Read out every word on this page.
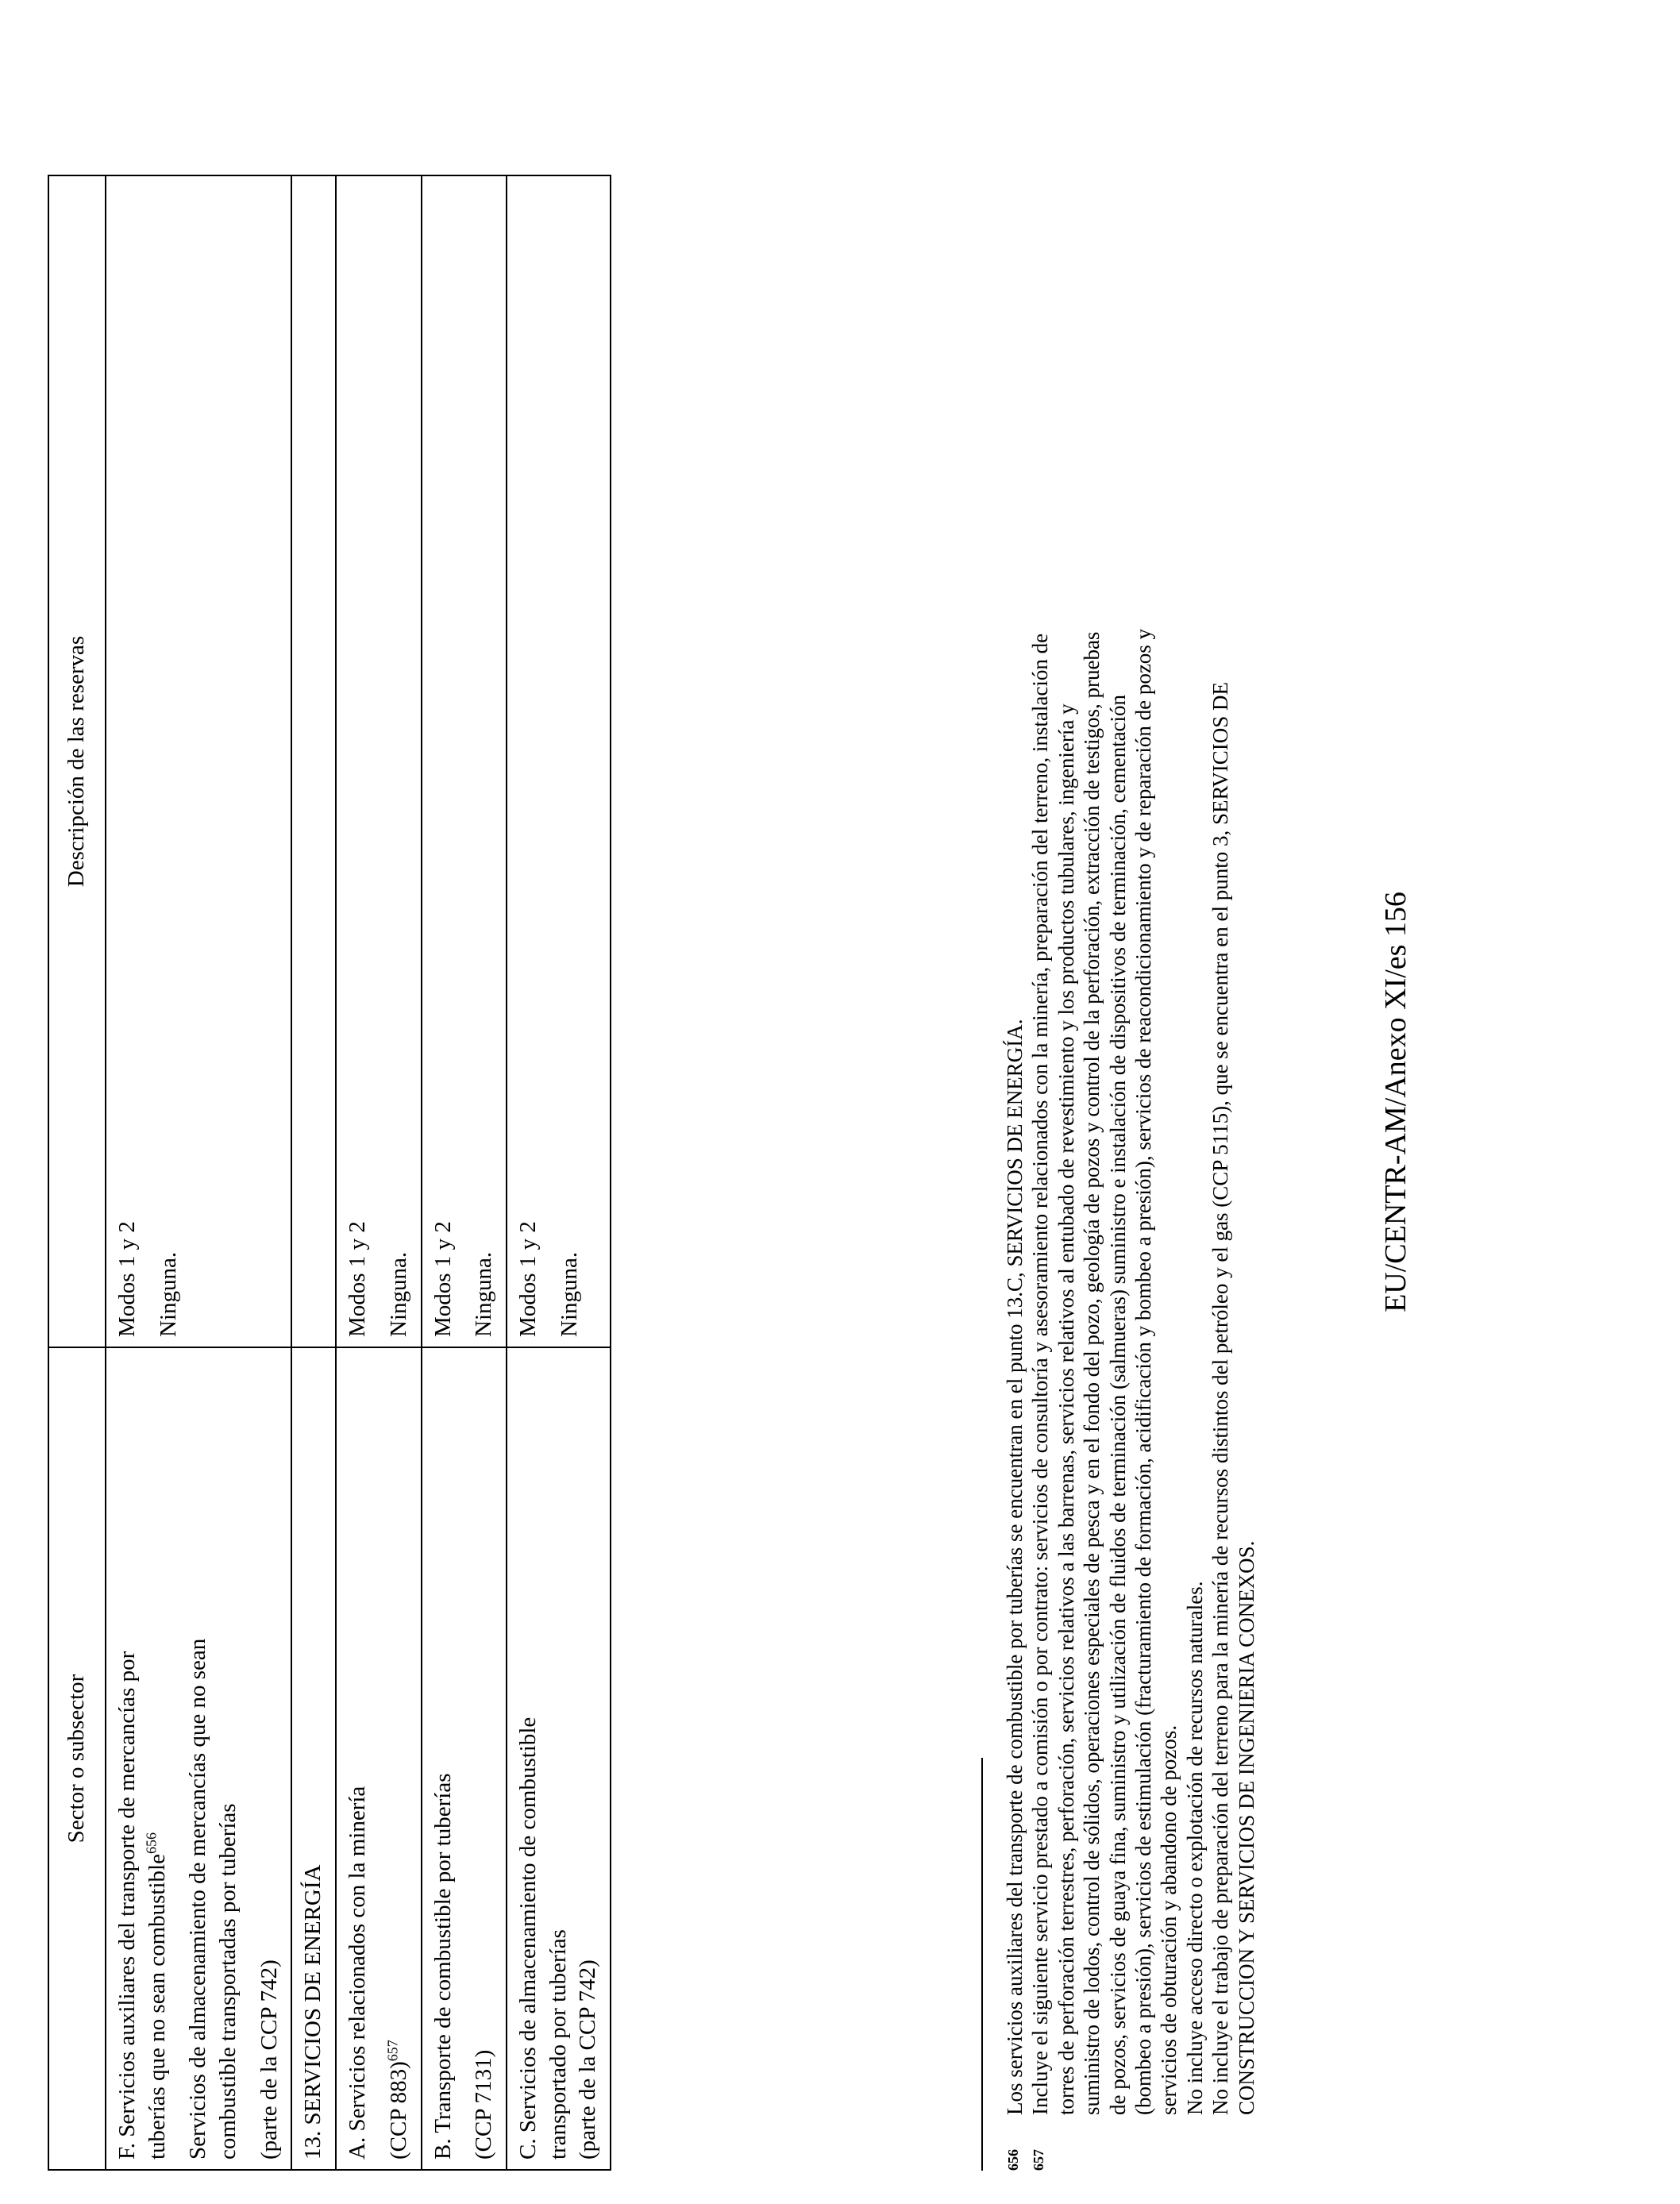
Sector o subsector	Descripción de las reservas

F. Servicios auxiliares del transporte de mercancías por tuberías que no sean combustible$^{656}$ Servicios de almacenamiento de mercancías que no sean combustible transportadas por tuberías (parte de la CCP 742)	Modos 1 y 2 Ninguna.

13. SERVICIOS DE ENERGÍA	

A. Servicios relacionados con la minería (CCP 883)$^{657}$	Modos 1 y 2 Ninguna.

B. Transporte de combustible por tuberías (CCP 7131)	Modos 1 y 2 Ninguna.

C. Servicios de almacenamiento de combustible transportado por tuberías (parte de la CCP 742)	Modos 1 y 2 Ninguna.
656
Los servicios auxiliares del transporte de combustible por tuberías se encuentran en el punto 13.C, SERVICIOS DE ENERGÍA.
657
Incluye el siguiente servicio prestado a comisión o por contrato: servicios de consultoría y asesoramiento relacionados con la minería, preparación del terreno, instalación de torres de perforación terrestres, perforación, servicios relativos a las barrenas, servicios relativos al entubado de revestimiento y los productos tubulares, ingeniería y suministro de lodos, control de sólidos, operaciones especiales de pesca y en el fondo del pozo, geología de pozos y control de la perforación, extracción de testigos, pruebas de pozos, servicios de guaya fina, suministro y utilización de fluidos de terminación (salmueras) suministro e instalación de dispositivos de terminación, cementación (bombeo a presión), servicios de estimulación (fracturamiento de formación, acidificación y bombeo a presión), servicios de reacondicionamiento y de reparación de pozos y servicios de obturación y abandono de pozos. No incluye acceso directo o explotación de recursos naturales. No incluye el trabajo de preparación del terreno para la minería de recursos distintos del petróleo y el gas (CCP 5115), que se encuentra en el punto 3, SERVICIOS DE CONSTRUCCION Y SERVICIOS DE INGENIERIA CONEXOS.
EU/CENTR-AM/Anexo XI/es 156
